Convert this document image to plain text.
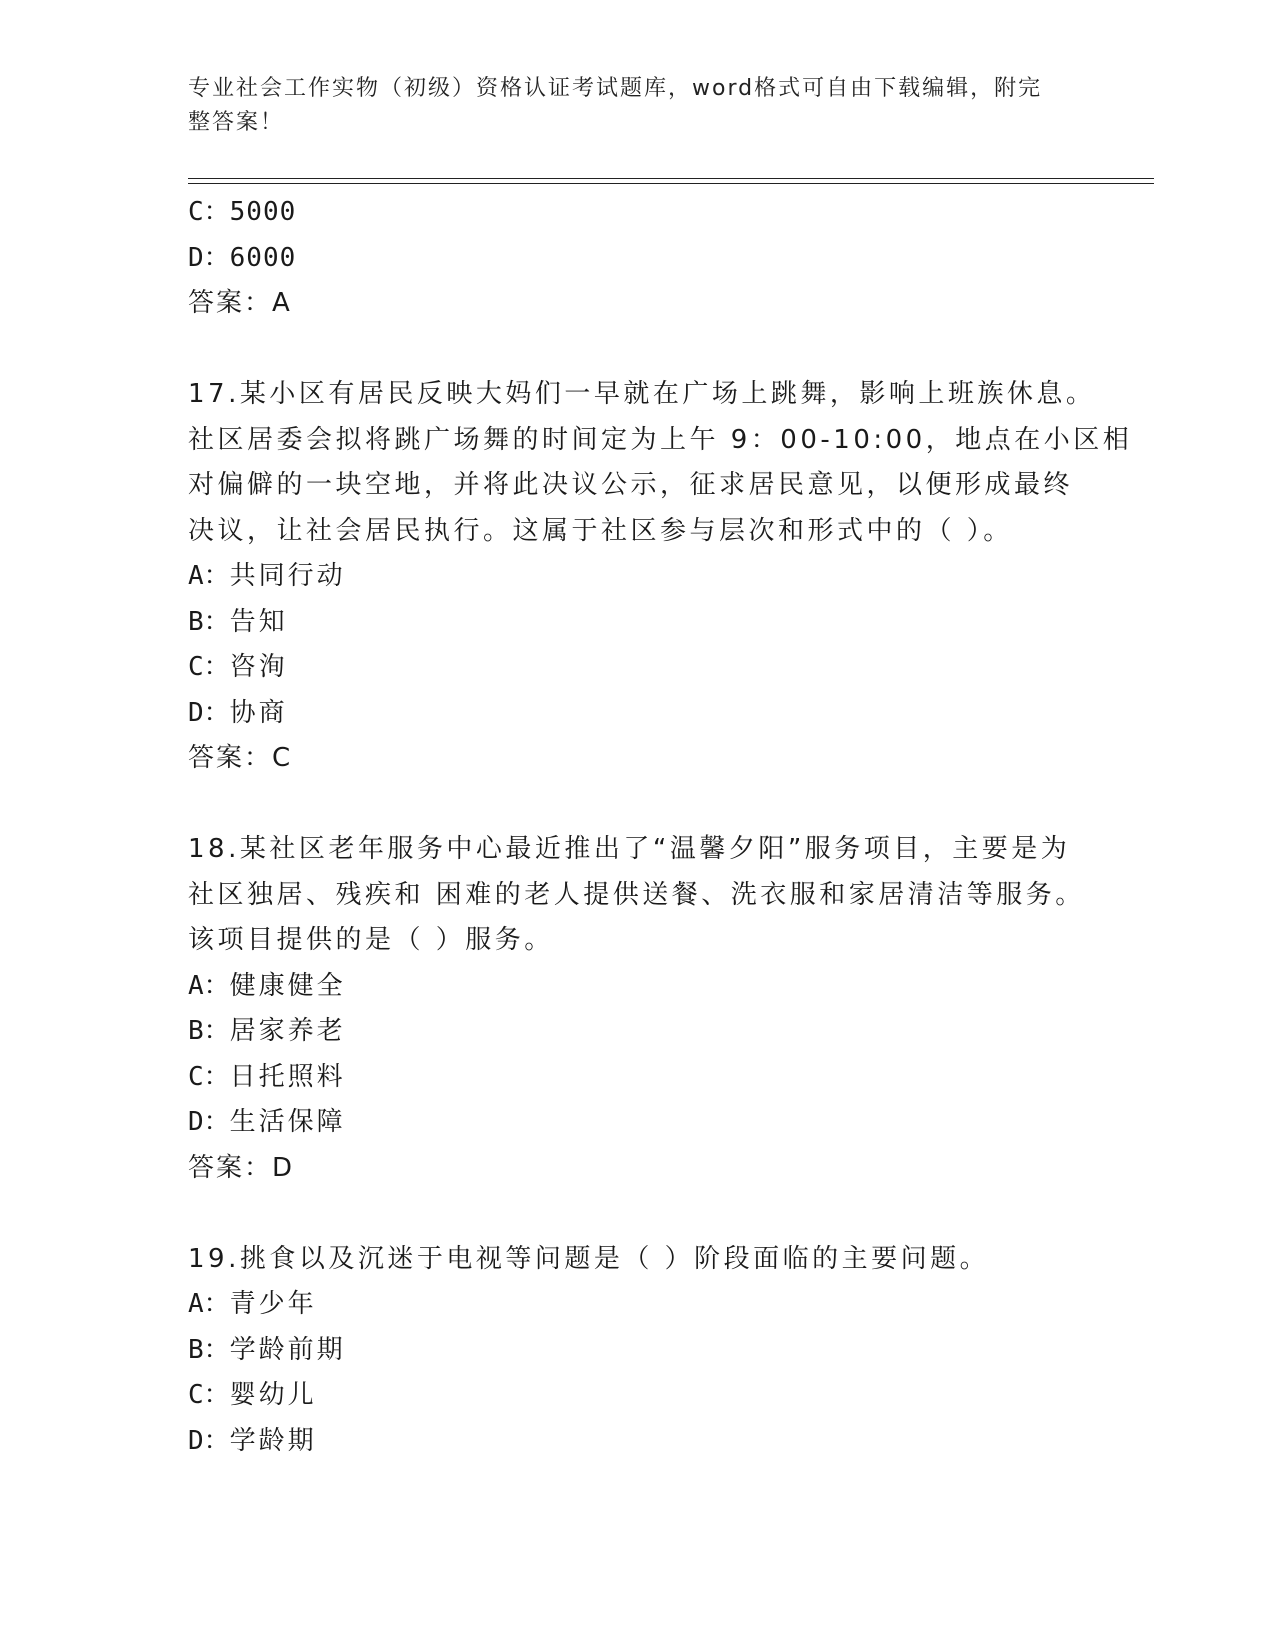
专业社会工作实物（初级）资格认证考试题库，word格式可自由下载编辑，附完
整答案！
C：5000
D：6000
答案：A
17.某小区有居民反映大妈们一早就在广场上跳舞，影响上班族休息。
社区居委会拟将跳广场舞的时间定为上午 9：00-10:00，地点在小区相
对偏僻的一块空地，并将此决议公示，征求居民意见，以便形成最终
决议，让社会居民执行。这属于社区参与层次和形式中的（ ）。
A：共同行动
B：告知
C：咨洵
D：协商
答案：C
18.某社区老年服务中心最近推出了“温馨夕阳”服务项目，主要是为
社区独居、残疾和 困难的老人提供送餐、洗衣服和家居清洁等服务。
该项目提供的是（ ）服务。
A：健康健全
B：居家养老
C：日托照料
D：生活保障
答案：D
19.挑食以及沉迷于电视等问题是（ ）阶段面临的主要问题。
A：青少年
B：学龄前期
C：婴幼儿
D：学龄期
